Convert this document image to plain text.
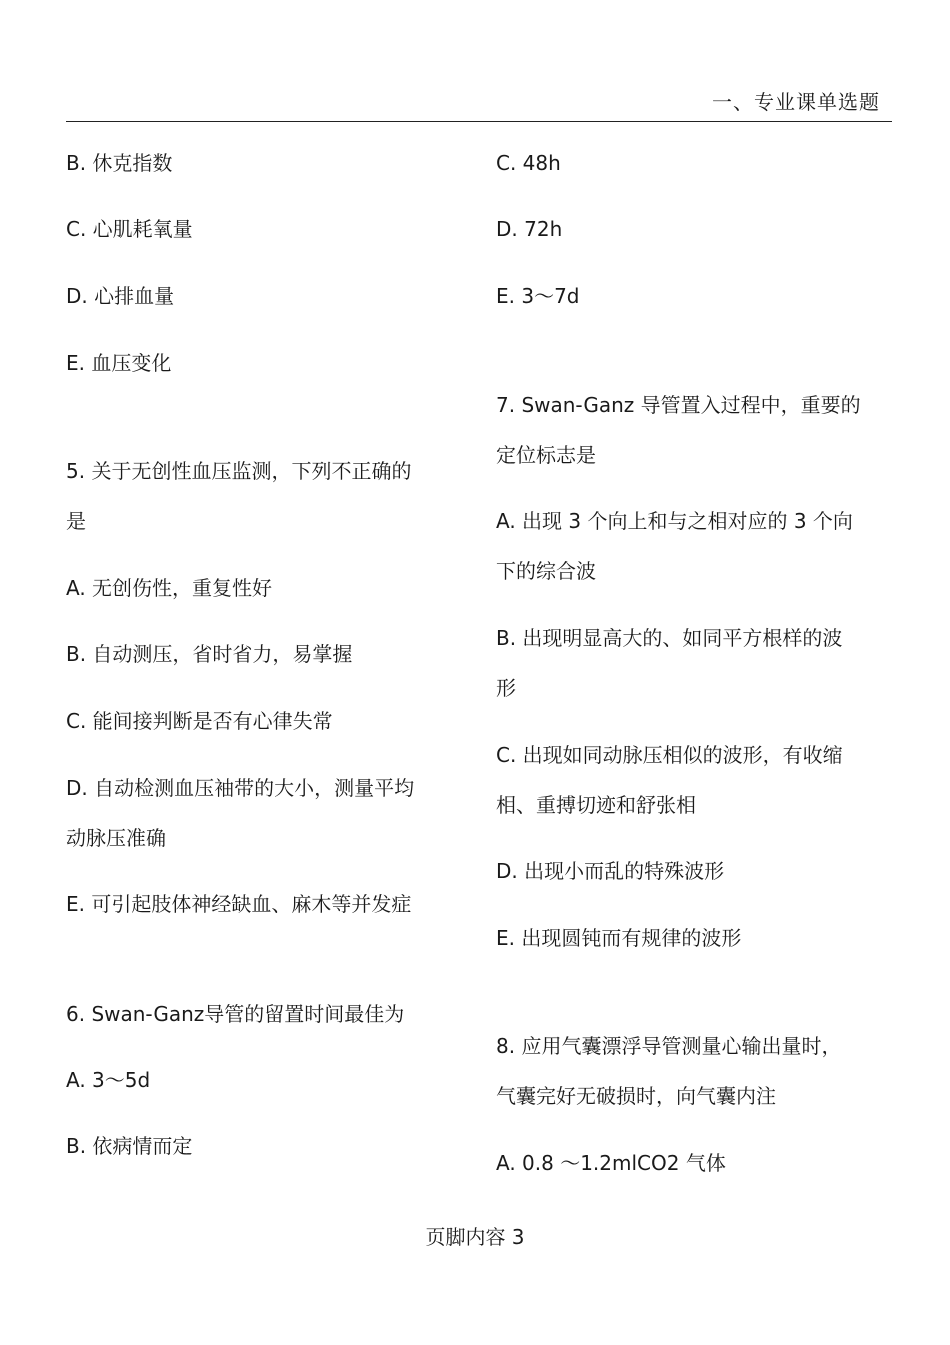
一、专业课单选题
B. 休克指数
C. 心肌耗氧量
D. 心排血量
E. 血压变化
5. 关于无创性血压监测，下列不正确的
是
A. 无创伤性，重复性好
B. 自动测压，省时省力，易掌握
C. 能间接判断是否有心律失常
D. 自动检测血压袖带的大小，测量平均
动脉压准确
E. 可引起肢体神经缺血、麻木等并发症
6. Swan-Ganz导管的留置时间最佳为
A. 3～5d
B. 依病情而定
C. 48h
D. 72h
E. 3～7d
7. Swan-Ganz 导管置入过程中，重要的
定位标志是
A. 出现 3 个向上和与之相对应的 3 个向
下的综合波
B. 出现明显高大的、如同平方根样的波
形
C. 出现如同动脉压相似的波形，有收缩
相、重搏切迹和舒张相
D. 出现小而乱的特殊波形
E. 出现圆钝而有规律的波形
8. 应用气囊漂浮导管测量心输出量时，
气囊完好无破损时，向气囊内注
A. 0.8 ～1.2mlCO2 气体
页脚内容 3
